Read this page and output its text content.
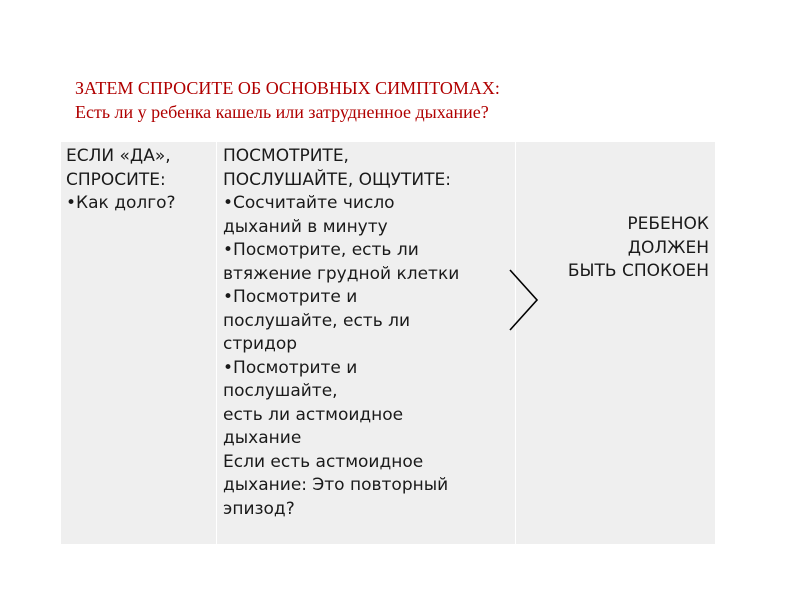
ЗАТЕМ СПРОСИТЕ ОБ ОСНОВНЫХ СИМПТОМАХ:
Есть ли у ребенка кашель или затрудненное дыхание?
ЕСЛИ «ДА»,
СПРОСИТЕ:
• Как долго?
ПОСМОТРИТЕ,
ПОСЛУШАЙТЕ, ОЩУТИТЕ:
• Сосчитайте число
дыханий в минуту
• Посмотрите, есть ли
втяжение грудной клетки
• Посмотрите и
послушайте, есть ли
стридор
• Посмотрите и
послушайте,
есть ли астмоидное
дыхание
Если есть астмоидное
дыхание: Это повторный
эпизод?
РЕБЕНОК
ДОЛЖЕН
БЫТЬ СПОКОЕН
